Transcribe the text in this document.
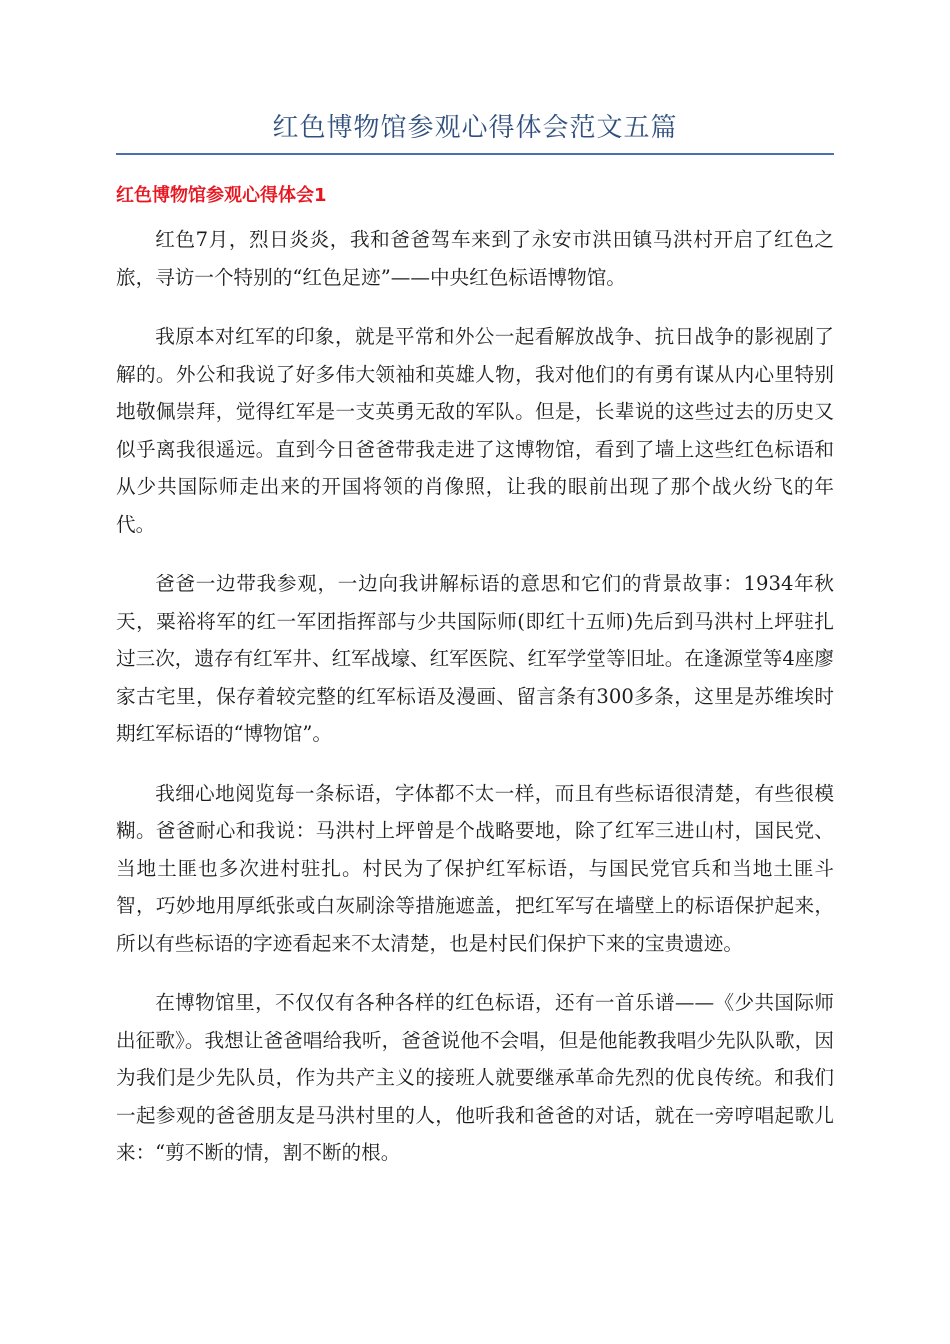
红色博物馆参观心得体会范文五篇
红色博物馆参观心得体会1

红色7月，烈日炎炎，我和爸爸驾车来到了永安市洪田镇马洪村开启了红色之旅，寻访一个特别的“红色足迹”——中央红色标语博物馆。

我原本对红军的印象，就是平常和外公一起看解放战争、抗日战争的影视剧了解的。外公和我说了好多伟大领袖和英雄人物，我对他们的有勇有谋从内心里特别地敬佩崇拜，觉得红军是一支英勇无敌的军队。但是，长辈说的这些过去的历史又似乎离我很遥远。直到今日爸爸带我走进了这博物馆，看到了墙上这些红色标语和从少共国际师走出来的开国将领的肖像照，让我的眼前出现了那个战火纷飞的年代。

爸爸一边带我参观，一边向我讲解标语的意思和它们的背景故事：1934年秋天，粟裕将军的红一军团指挥部与少共国际师(即红十五师)先后到马洪村上坪驻扎过三次，遗存有红军井、红军战壕、红军医院、红军学堂等旧址。在逢源堂等4座廖家古宅里，保存着较完整的红军标语及漫画、留言条有300多条，这里是苏维埃时期红军标语的“博物馆”。

我细心地阅览每一条标语，字体都不太一样，而且有些标语很清楚，有些很模糊。爸爸耐心和我说：马洪村上坪曾是个战略要地，除了红军三进山村，国民党、当地土匪也多次进村驻扎。村民为了保护红军标语，与国民党官兵和当地土匪斗智，巧妙地用厚纸张或白灰刷涂等措施遮盖，把红军写在墙壁上的标语保护起来，所以有些标语的字迹看起来不太清楚，也是村民们保护下来的宝贵遗迹。

在博物馆里，不仅仅有各种各样的红色标语，还有一首乐谱——《少共国际师出征歌》。我想让爸爸唱给我听，爸爸说他不会唱，但是他能教我唱少先队队歌，因为我们是少先队员，作为共产主义的接班人就要继承革命先烈的优良传统。和我们一起参观的爸爸朋友是马洪村里的人，他听我和爸爸的对话，就在一旁哼唱起歌儿来：“剪不断的情，割不断的根。
